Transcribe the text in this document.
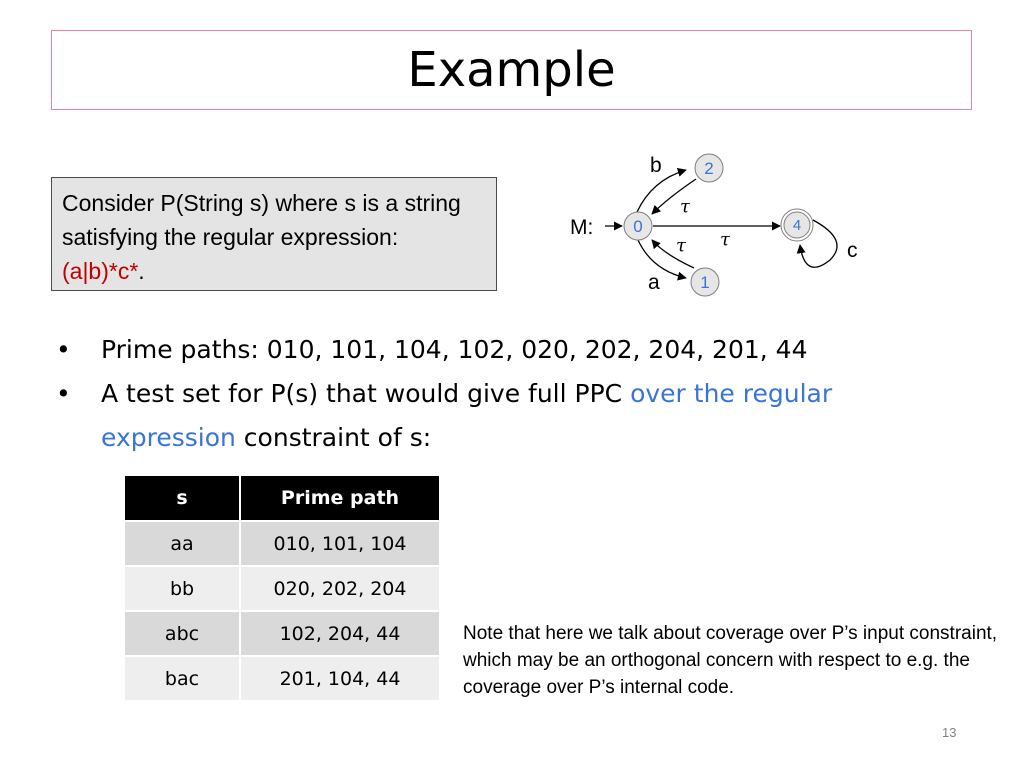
Example
Consider P(String s) where s is a string satisfying the regular expression: (a|b)*c*.
M: 0
2
1
4
b
a
c
τ
τ τ
•	Prime paths: 010, 101, 104, 102, 020, 202, 204, 201, 44
•	A test set for P(s) that would give full PPC over the regular expression constraint of s:
s	Prime path
aa	010, 101, 104
bb	020, 202, 204
abc	102, 204, 44
bac	201, 104, 44
Note that here we talk about coverage over P’s input constraint, which may be an orthogonal concern with respect to e.g. the coverage over P’s internal code.
13
